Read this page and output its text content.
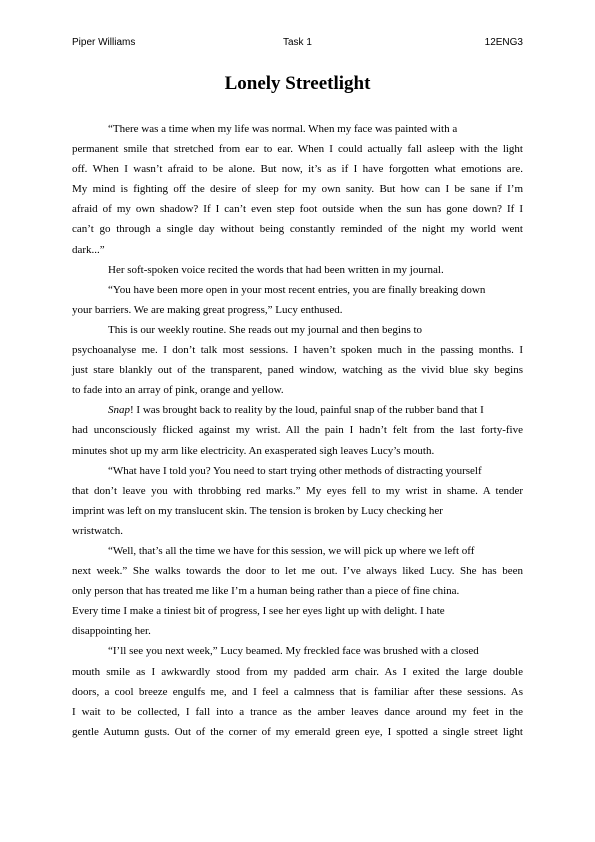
Piper Williams	Task 1	12ENG3
Lonely Streetlight
“There was a time when my life was normal. When my face was painted with a
permanent smile that stretched from ear to ear. When I could actually fall asleep with the light
off. When I wasn’t afraid to be alone. But now, it’s as if I have forgotten what emotions are.
My mind is fighting off the desire of sleep for my own sanity. But how can I be sane if I’m
afraid of my own shadow? If I can’t even step foot outside when the sun has gone down? If I
can’t go through a single day without being constantly reminded of the night my world went
dark...”
Her soft-spoken voice recited the words that had been written in my journal.
“You have been more open in your most recent entries, you are finally breaking down
your barriers. We are making great progress,” Lucy enthused.
This is our weekly routine. She reads out my journal and then begins to
psychoanalyse me. I don’t talk most sessions. I haven’t spoken much in the passing months. I
just stare blankly out of the transparent, paned window, watching as the vivid blue sky begins
to fade into an array of pink, orange and yellow.
Snap! I was brought back to reality by the loud, painful snap of the rubber band that I
had unconsciously flicked against my wrist. All the pain I hadn’t felt from the last forty-five
minutes shot up my arm like electricity. An exasperated sigh leaves Lucy’s mouth.
“What have I told you? You need to start trying other methods of distracting yourself
that don’t leave you with throbbing red marks.” My eyes fell to my wrist in shame. A tender
imprint was left on my translucent skin. The tension is broken by Lucy checking her
wristwatch.
“Well, that’s all the time we have for this session, we will pick up where we left off
next week.” She walks towards the door to let me out. I’ve always liked Lucy. She has been
only person that has treated me like I’m a human being rather than a piece of fine china.
Every time I make a tiniest bit of progress, I see her eyes light up with delight. I hate
disappointing her.
“I’ll see you next week,” Lucy beamed. My freckled face was brushed with a closed
mouth smile as I awkwardly stood from my padded arm chair. As I exited the large double
doors, a cool breeze engulfs me, and I feel a calmness that is familiar after these sessions. As
I wait to be collected, I fall into a trance as the amber leaves dance around my feet in the
gentle Autumn gusts. Out of the corner of my emerald green eye, I spotted a single street light
